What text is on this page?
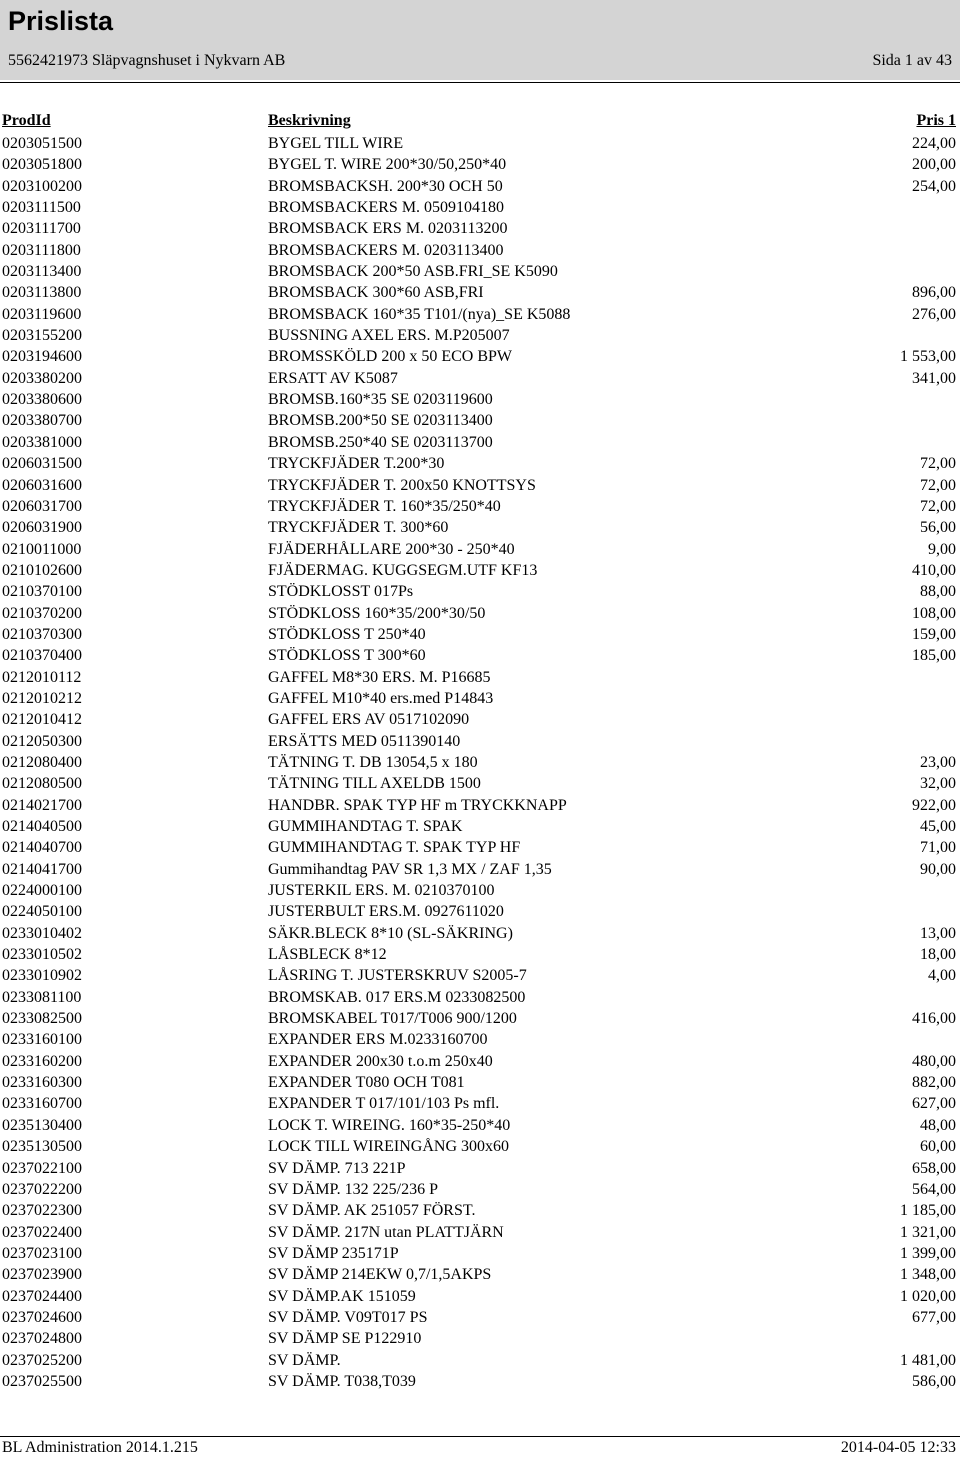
Prislista
5562421973 Släpvagnshuset i Nykvarn AB	Sida 1 av 43
ProdId	Beskrivning	Pris 1
0203051500	BYGEL TILL WIRE	224,00
0203051800	BYGEL T. WIRE 200*30/50,250*40	200,00
0203100200	BROMSBACKSH. 200*30 OCH 50	254,00
0203111500	BROMSBACKERS M. 0509104180
0203111700	BROMSBACK ERS M. 0203113200
0203111800	BROMSBACKERS M. 0203113400
0203113400	BROMSBACK 200*50 ASB.FRI_SE K5090
0203113800	BROMSBACK 300*60 ASB,FRI	896,00
0203119600	BROMSBACK 160*35 T101/(nya)_SE K5088	276,00
0203155200	BUSSNING AXEL ERS. M.P205007
0203194600	BROMSSKÖLD 200 x 50 ECO BPW	1 553,00
0203380200	ERSATT AV K5087	341,00
0203380600	BROMSB.160*35 SE 0203119600
0203380700	BROMSB.200*50 SE 0203113400
0203381000	BROMSB.250*40 SE 0203113700
0206031500	TRYCKFJÄDER T.200*30	72,00
0206031600	TRYCKFJÄDER T. 200x50 KNOTTSYS	72,00
0206031700	TRYCKFJÄDER T. 160*35/250*40	72,00
0206031900	TRYCKFJÄDER T. 300*60	56,00
0210011000	FJÄDERHÅLLARE 200*30 - 250*40	9,00
0210102600	FJÄDERMAG. KUGGSEGM.UTF KF13	410,00
0210370100	STÖDKLOSST 017Ps	88,00
0210370200	STÖDKLOSS 160*35/200*30/50	108,00
0210370300	STÖDKLOSS T 250*40	159,00
0210370400	STÖDKLOSS T 300*60	185,00
0212010112	GAFFEL M8*30 ERS. M. P16685
0212010212	GAFFEL M10*40 ers.med P14843
0212010412	GAFFEL ERS AV 0517102090
0212050300	ERSÄTTS MED 0511390140
0212080400	TÄTNING T. DB 13054,5 x 180	23,00
0212080500	TÄTNING TILL AXELDB 1500	32,00
0214021700	HANDBR. SPAK TYP HF m TRYCKKNAPP	922,00
0214040500	GUMMIHANDTAG T. SPAK	45,00
0214040700	GUMMIHANDTAG T. SPAK TYP HF	71,00
0214041700	Gummihandtag PAV SR 1,3 MX / ZAF 1,35	90,00
0224000100	JUSTERKIL ERS. M. 0210370100
0224050100	JUSTERBULT ERS.M. 0927611020
0233010402	SÄKR.BLECK 8*10 (SL-SÄKRING)	13,00
0233010502	LÅSBLECK 8*12	18,00
0233010902	LÅSRING T. JUSTERSKRUV S2005-7	4,00
0233081100	BROMSKAB. 017 ERS.M 0233082500
0233082500	BROMSKABEL T017/T006 900/1200	416,00
0233160100	EXPANDER ERS M.0233160700
0233160200	EXPANDER 200x30 t.o.m 250x40	480,00
0233160300	EXPANDER T080 OCH T081	882,00
0233160700	EXPANDER T 017/101/103 Ps mfl.	627,00
0235130400	LOCK T. WIREING. 160*35-250*40	48,00
0235130500	LOCK TILL WIREINGÅNG 300x60	60,00
0237022100	SV DÄMP. 713 221P	658,00
0237022200	SV DÄMP. 132 225/236 P	564,00
0237022300	SV DÄMP. AK 251057 FÖRST.	1 185,00
0237022400	SV DÄMP. 217N utan PLATTJÄRN	1 321,00
0237023100	SV DÄMP 235171P	1 399,00
0237023900	SV DÄMP 214EKW 0,7/1,5AKPS	1 348,00
0237024400	SV DÄMP.AK 151059	1 020,00
0237024600	SV DÄMP. V09T017 PS	677,00
0237024800	SV DÄMP SE P122910
0237025200	SV DÄMP.	1 481,00
0237025500	SV DÄMP. T038,T039	586,00
BL Administration 2014.1.215	2014-04-05 12:33
